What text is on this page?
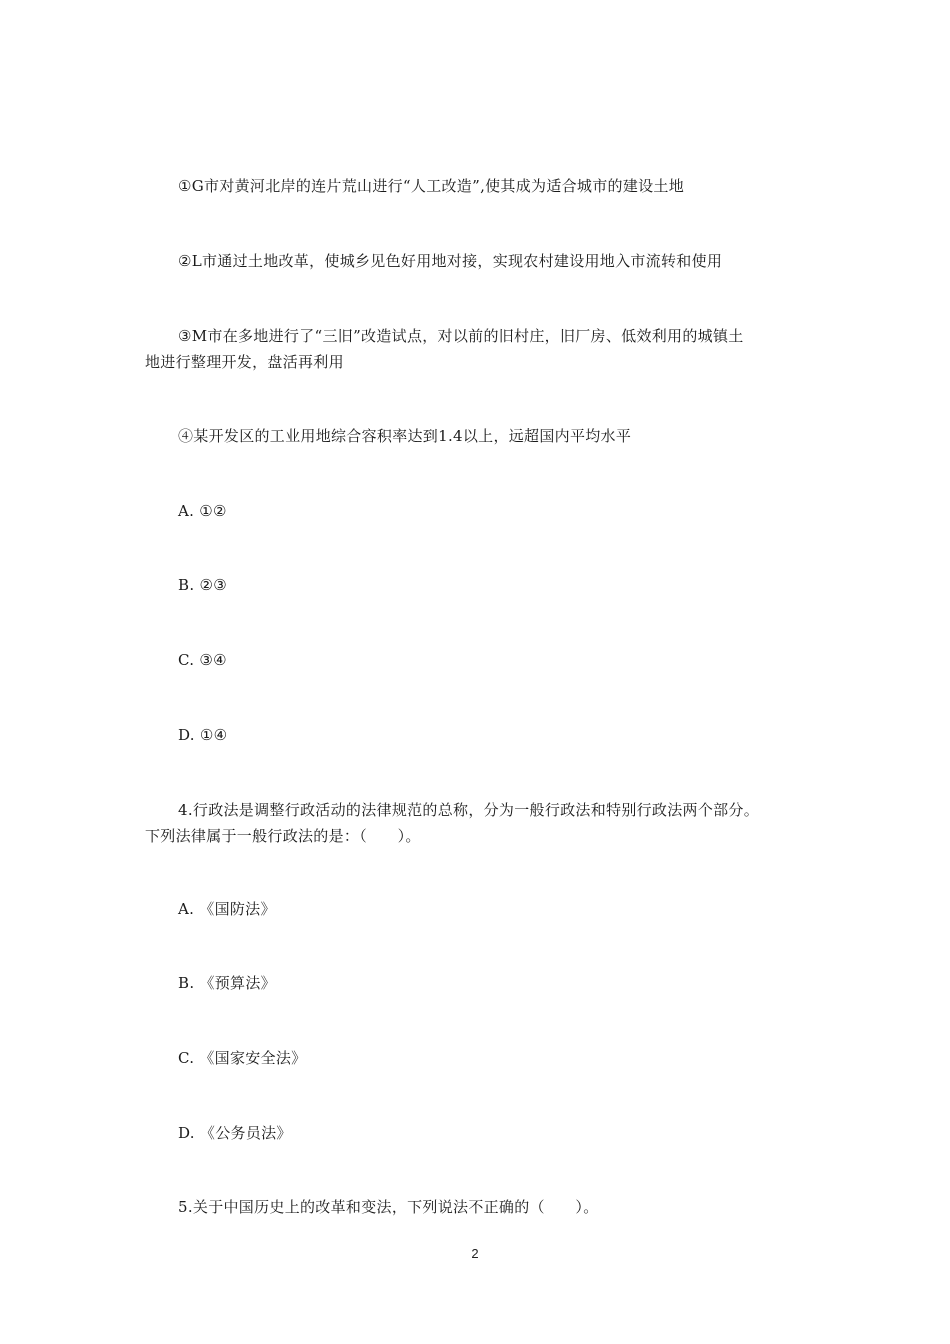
①G市对黄河北岸的连片荒山进行“人工改造”,使其成为适合城市的建设土地
②L市通过土地改革，使城乡见色好用地对接，实现农村建设用地入市流转和使用
③M市在多地进行了“三旧”改造试点，对以前的旧村庄，旧厂房、低效利用的城镇土
地进行整理开发，盘活再利用
④某开发区的工业用地综合容积率达到1.4以上，远超国内平均水平
A. ①②
B. ②③
C. ③④
D. ①④
4.行政法是调整行政活动的法律规范的总称，分为一般行政法和特别行政法两个部分。
下列法律属于一般行政法的是：（　　）。
A. 《国防法》
B. 《预算法》
C. 《国家安全法》
D. 《公务员法》
5.关于中国历史上的改革和变法，下列说法不正确的（　　）。
2
